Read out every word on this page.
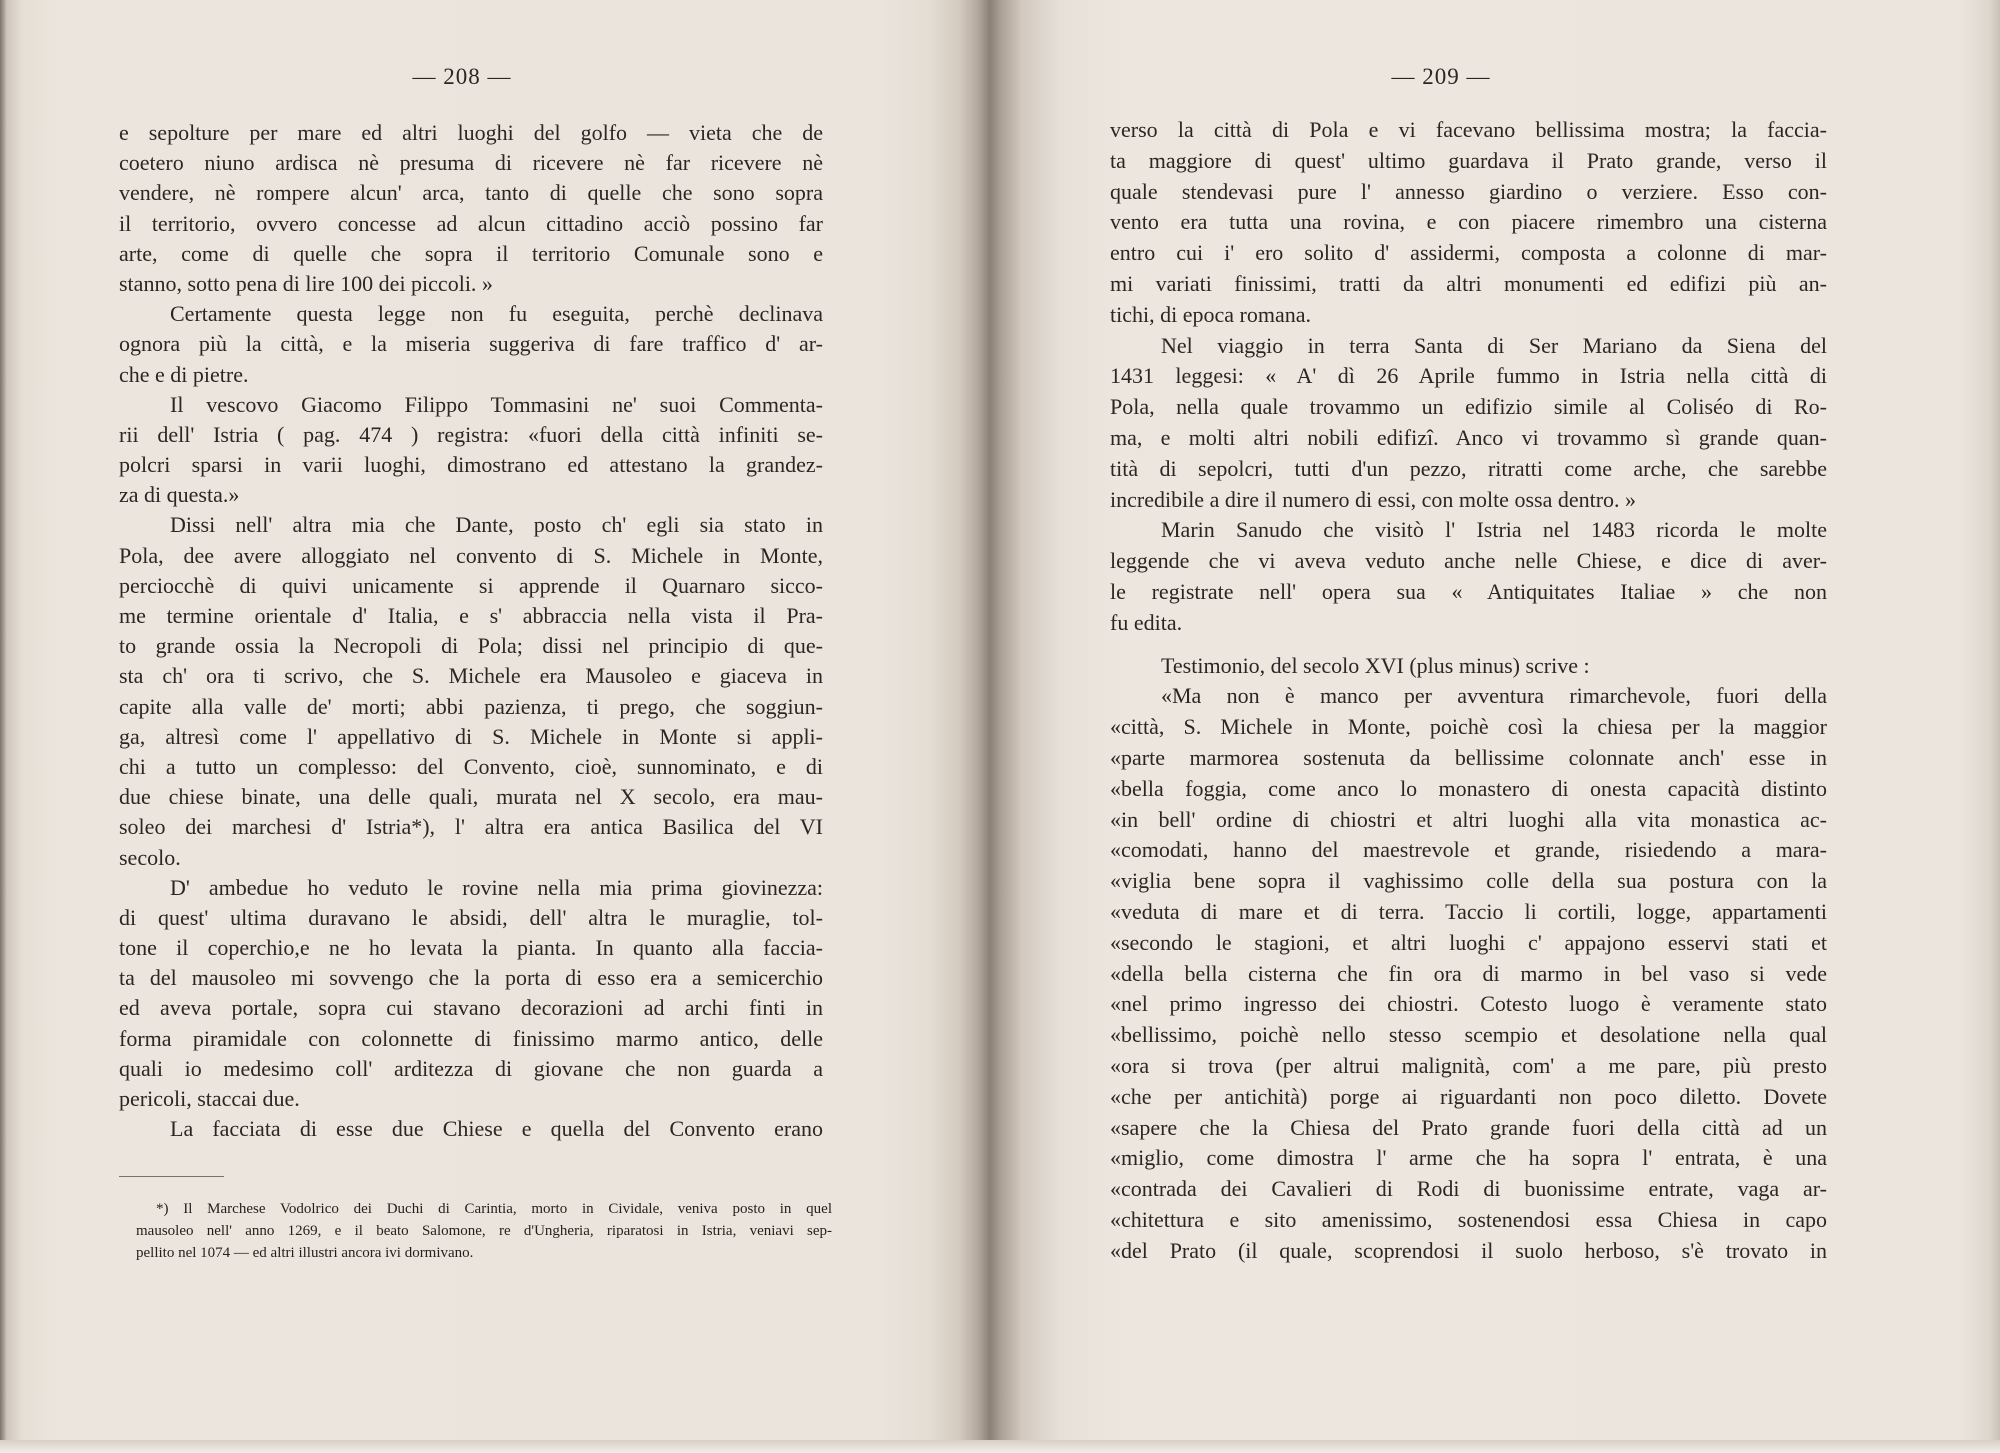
— 208 —
e sepolture per mare ed altri luoghi del golfo — vieta che de
coetero niuno ardisca nè presuma di ricevere nè far ricevere nè
vendere, nè rompere alcun' arca, tanto di quelle che sono sopra
il territorio, ovvero concesse ad alcun cittadino acciò possino far
arte, come di quelle che sopra il territorio Comunale sono e
stanno, sotto pena di lire 100 dei piccoli. »
Certamente questa legge non fu eseguita, perchè declinava
ognora più la città, e la miseria suggeriva di fare traffico d' ar-
che e di pietre.
Il vescovo Giacomo Filippo Tommasini ne' suoi Commenta-
rii dell' Istria ( pag. 474 ) registra: «fuori della città infiniti se-
polcri sparsi in varii luoghi, dimostrano ed attestano la grandez-
za di questa.»
Dissi nell' altra mia che Dante, posto ch' egli sia stato in
Pola, dee avere alloggiato nel convento di S. Michele in Monte,
perciocchè di quivi unicamente si apprende il Quarnaro sicco-
me termine orientale d' Italia, e s' abbraccia nella vista il Pra-
to grande ossia la Necropoli di Pola; dissi nel principio di que-
sta ch' ora ti scrivo, che S. Michele era Mausoleo e giaceva in
capite alla valle de' morti; abbi pazienza, ti prego, che soggiun-
ga, altresì come l' appellativo di S. Michele in Monte si appli-
chi a tutto un complesso: del Convento, cioè, sunnominato, e di
due chiese binate, una delle quali, murata nel X secolo, era mau-
soleo dei marchesi d' Istria*), l' altra era antica Basilica del VI
secolo.
D' ambedue ho veduto le rovine nella mia prima giovinezza:
di quest' ultima duravano le absidi, dell' altra le muraglie, tol-
tone il coperchio,e ne ho levata la pianta. In quanto alla faccia-
ta del mausoleo mi sovvengo che la porta di esso era a semicerchio
ed aveva portale, sopra cui stavano decorazioni ad archi finti in
forma piramidale con colonnette di finissimo marmo antico, delle
quali io medesimo coll' arditezza di giovane che non guarda a
pericoli, staccai due.
La facciata di esse due Chiese e quella del Convento erano
*) Il Marchese Vodolrico dei Duchi di Carintia, morto in Cividale, veniva posto in quel
mausoleo nell' anno 1269, e il beato Salomone, re d'Ungheria, riparatosi in Istria, veniavi sep-
pellito nel 1074 — ed altri illustri ancora ivi dormivano.
— 209 —
verso la città di Pola e vi facevano bellissima mostra; la faccia-
ta maggiore di quest' ultimo guardava il Prato grande, verso il
quale stendevasi pure l' annesso giardino o verziere. Esso con-
vento era tutta una rovina, e con piacere rimembro una cisterna
entro cui i' ero solito d' assidermi, composta a colonne di mar-
mi variati finissimi, tratti da altri monumenti ed edifizi più an-
tichi, di epoca romana.
Nel viaggio in terra Santa di Ser Mariano da Siena del
1431 leggesi: « A' dì 26 Aprile fummo in Istria nella città di
Pola, nella quale trovammo un edifizio simile al Coliséo di Ro-
ma, e molti altri nobili edifizî. Anco vi trovammo sì grande quan-
tità di sepolcri, tutti d'un pezzo, ritratti come arche, che sarebbe
incredibile a dire il numero di essi, con molte ossa dentro. »
Marin Sanudo che visitò l' Istria nel 1483 ricorda le molte
leggende che vi aveva veduto anche nelle Chiese, e dice di aver-
le registrate nell' opera sua « Antiquitates Italiae » che non
fu edita.
Testimonio, del secolo XVI (plus minus) scrive :
«Ma non è manco per avventura rimarchevole, fuori della
«città, S. Michele in Monte, poichè così la chiesa per la maggior
«parte marmorea sostenuta da bellissime colonnate anch' esse in
«bella foggia, come anco lo monastero di onesta capacità distinto
«in bell' ordine di chiostri et altri luoghi alla vita monastica ac-
«comodati, hanno del maestrevole et grande, risiedendo a mara-
«viglia bene sopra il vaghissimo colle della sua postura con la
«veduta di mare et di terra. Taccio li cortili, logge, appartamenti
«secondo le stagioni, et altri luoghi c' appajono esservi stati et
«della bella cisterna che fin ora di marmo in bel vaso si vede
«nel primo ingresso dei chiostri. Cotesto luogo è veramente stato
«bellissimo, poichè nello stesso scempio et desolatione nella qual
«ora si trova (per altrui malignità, com' a me pare, più presto
«che per antichità) porge ai riguardanti non poco diletto. Dovete
«sapere che la Chiesa del Prato grande fuori della città ad un
«miglio, come dimostra l' arme che ha sopra l' entrata, è una
«contrada dei Cavalieri di Rodi di buonissime entrate, vaga ar-
«chitettura e sito amenissimo, sostenendosi essa Chiesa in capo
«del Prato (il quale, scoprendosi il suolo herboso, s'è trovato in
